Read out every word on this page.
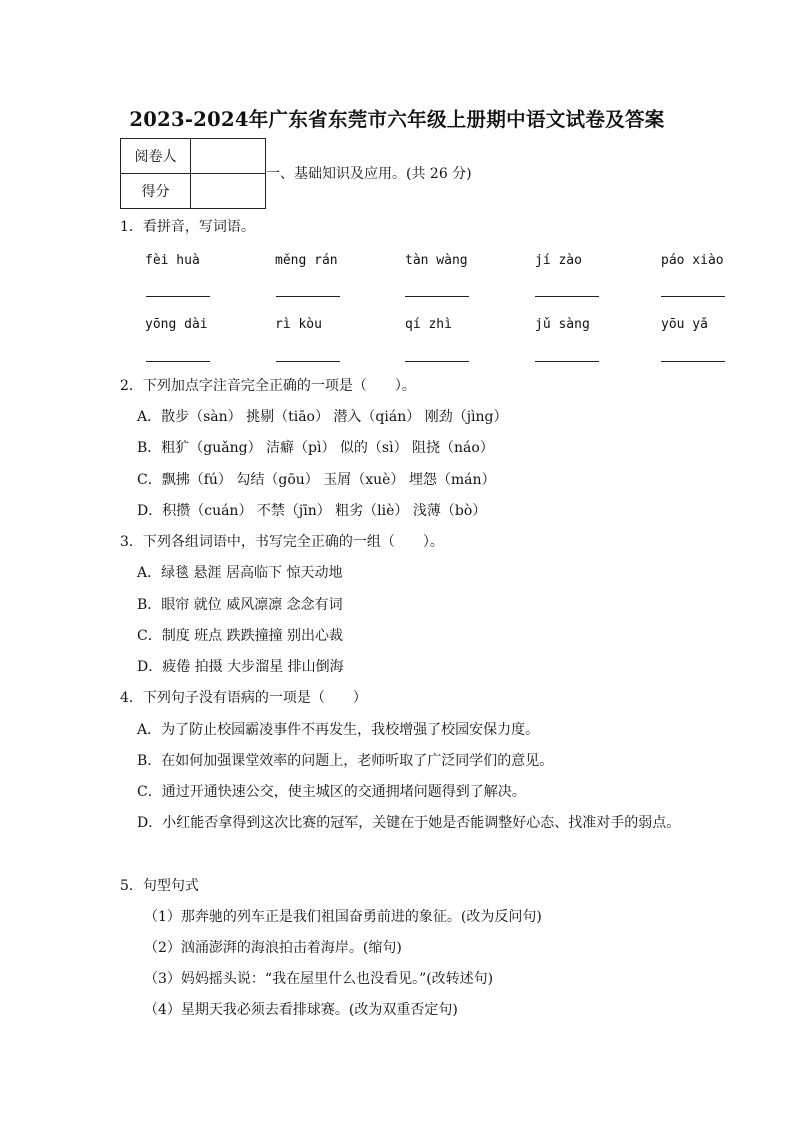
2023-2024年广东省东莞市六年级上册期中语文试卷及答案
阅卷人	
得分	
一、基础知识及应用。(共 26 分)
1．看拼音，写词语。
fèi huà	měng rán	tàn wàng	jí zào	páo xiào
yōng dài	rì kòu	qí zhì	jǔ sàng	yōu yǎ
2．下列加点字注音完全正确的一项是（　　）。
A．散步（sàn） 挑剔（tiāo） 潜入（qián） 刚劲（jìng）
B．粗犷（guǎng） 洁癖（pì） 似的（sì） 阻挠（náo）
C．飘拂（fú） 勾结（gōu） 玉屑（xuè） 埋怨（mán）
D．积攒（cuán） 不禁（jīn） 粗劣（liè） 浅薄（bò）
3．下列各组词语中，书写完全正确的一组（　　）。
A．绿毯 悬涯 居高临下 惊天动地
B．眼帘 就位 威风凛凛 念念有词
C．制度 班点 跌跌撞撞 别出心裁
D．疲倦 拍摄 大步溜星 排山倒海
4．下列句子没有语病的一项是（　　）
A．为了防止校园霸凌事件不再发生，我校增强了校园安保力度。
B．在如何加强课堂效率的问题上，老师听取了广泛同学们的意见。
C．通过开通快速公交，使主城区的交通拥堵问题得到了解决。
D．小红能否拿得到这次比赛的冠军，关键在于她是否能调整好心态、找准对手的弱点。
5．句型句式
（1）那奔驰的列车正是我们祖国奋勇前进的象征。(改为反问句)
（2）汹涌澎湃的海浪拍击着海岸。(缩句)
（3）妈妈摇头说：“我在屋里什么也没看见。”(改转述句)
（4）星期天我必须去看排球赛。(改为双重否定句)
